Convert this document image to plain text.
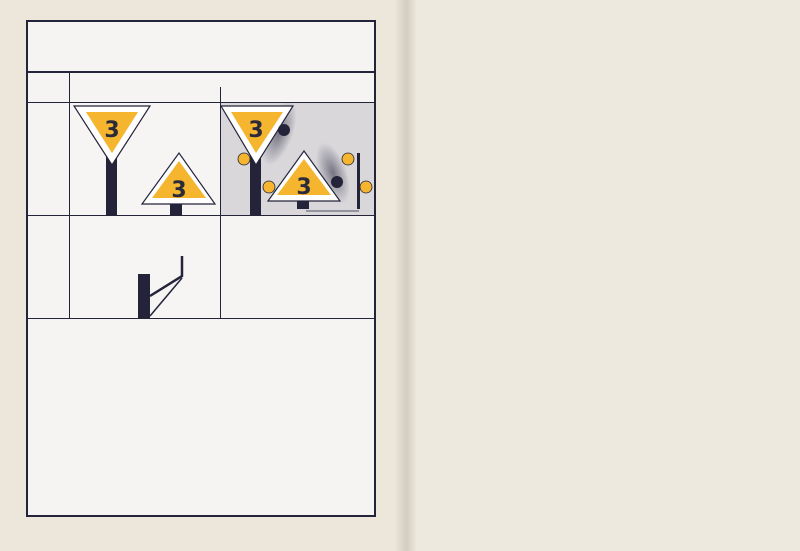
3
3
3
3
